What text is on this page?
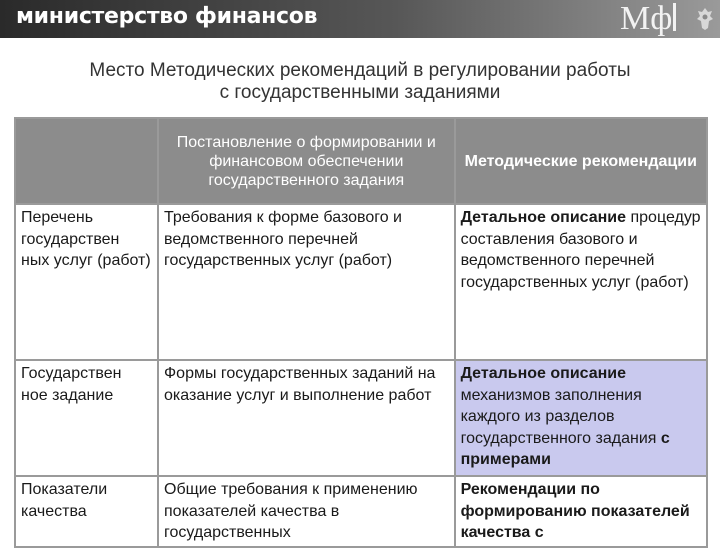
министерство финансов	Мф
Место Методических рекомендаций в регулировании работы
с государственными заданиями
	Постановление о формировании и финансовом обеспечении государственного задания	Методические рекомендации
Перечень государствен ных услуг (работ)	Требования к форме базового и ведомственного перечней государственных услуг (работ)	Детальное описание процедур составления базового и ведомственного перечней государственных услуг (работ)
Государствен ное задание	Формы государственных заданий на оказание услуг и выполнение работ	Детальное описание механизмов заполнения каждого из разделов государственного задания с примерами
Показатели качества	Общие требования к применению показателей качества в государственных	Рекомендации по формированию показателей качества с
